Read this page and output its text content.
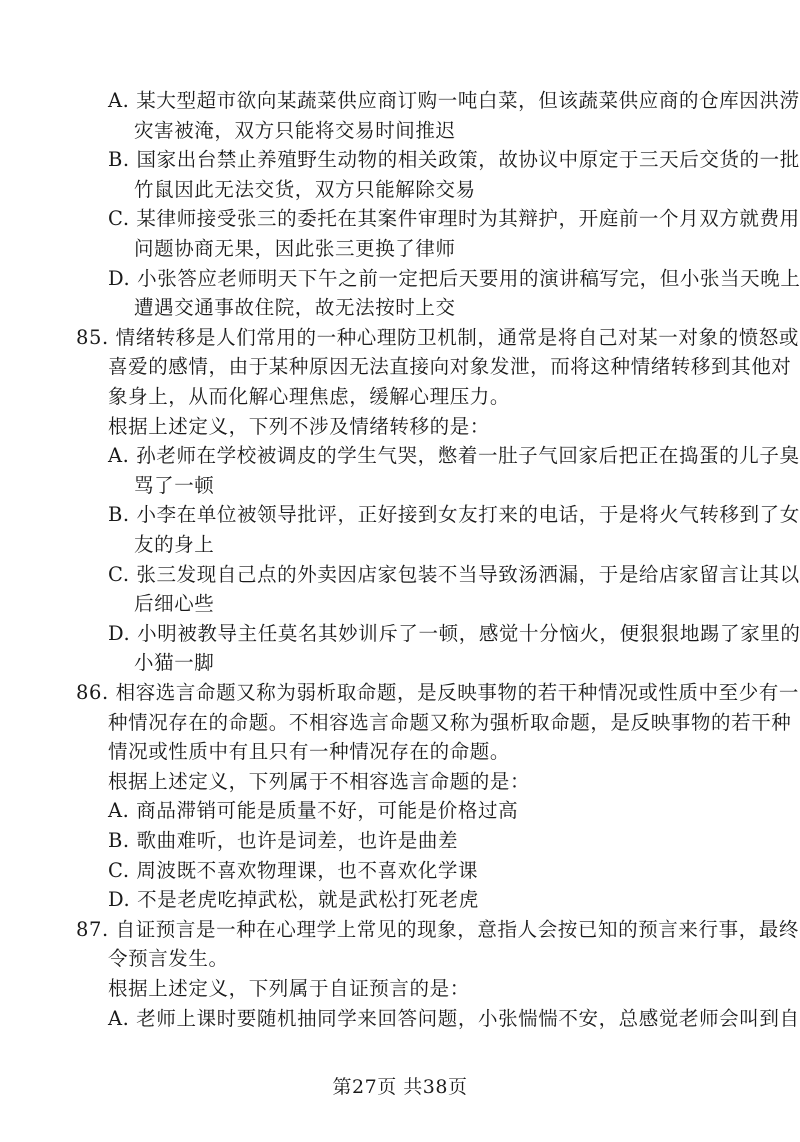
A. 某大型超市欲向某蔬菜供应商订购一吨白菜，但该蔬菜供应商的仓库因洪涝
灾害被淹，双方只能将交易时间推迟
B. 国家出台禁止养殖野生动物的相关政策，故协议中原定于三天后交货的一批
竹鼠因此无法交货，双方只能解除交易
C. 某律师接受张三的委托在其案件审理时为其辩护，开庭前一个月双方就费用
问题协商无果，因此张三更换了律师
D. 小张答应老师明天下午之前一定把后天要用的演讲稿写完，但小张当天晚上
遭遇交通事故住院，故无法按时上交
85. 情绪转移是人们常用的一种心理防卫机制，通常是将自己对某一对象的愤怒或
喜爱的感情，由于某种原因无法直接向对象发泄，而将这种情绪转移到其他对
象身上，从而化解心理焦虑，缓解心理压力。
根据上述定义，下列不涉及情绪转移的是：
A. 孙老师在学校被调皮的学生气哭，憋着一肚子气回家后把正在捣蛋的儿子臭
骂了一顿
B. 小李在单位被领导批评，正好接到女友打来的电话，于是将火气转移到了女
友的身上
C. 张三发现自己点的外卖因店家包装不当导致汤洒漏，于是给店家留言让其以
后细心些
D. 小明被教导主任莫名其妙训斥了一顿，感觉十分恼火，便狠狠地踢了家里的
小猫一脚
86. 相容选言命题又称为弱析取命题，是反映事物的若干种情况或性质中至少有一
种情况存在的命题。不相容选言命题又称为强析取命题，是反映事物的若干种
情况或性质中有且只有一种情况存在的命题。
根据上述定义，下列属于不相容选言命题的是：
A. 商品滞销可能是质量不好，可能是价格过高
B. 歌曲难听，也许是词差，也许是曲差
C. 周波既不喜欢物理课，也不喜欢化学课
D. 不是老虎吃掉武松，就是武松打死老虎
87. 自证预言是一种在心理学上常见的现象，意指人会按已知的预言来行事，最终
令预言发生。
根据上述定义，下列属于自证预言的是：
A. 老师上课时要随机抽同学来回答问题，小张惴惴不安，总感觉老师会叫到自
第27页 共38页
